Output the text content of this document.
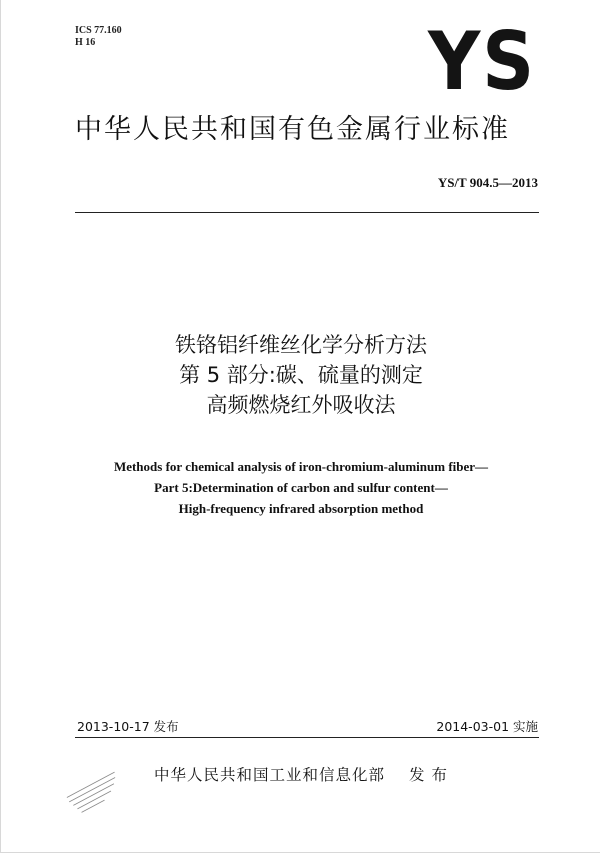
ICS 77.160
H 16	YS
中华人民共和国有色金属行业标准
YS/T 904.5—2013
铁铬铝纤维丝化学分析方法
第 5 部分:碳、硫量的测定
高频燃烧红外吸收法
Methods for chemical analysis of iron-chromium-aluminum fiber—
Part 5:Determination of carbon and sulfur content—
High-frequency infrared absorption method
2013-10-17 发布	2014-03-01 实施
中华人民共和国工业和信息化部 发 布
